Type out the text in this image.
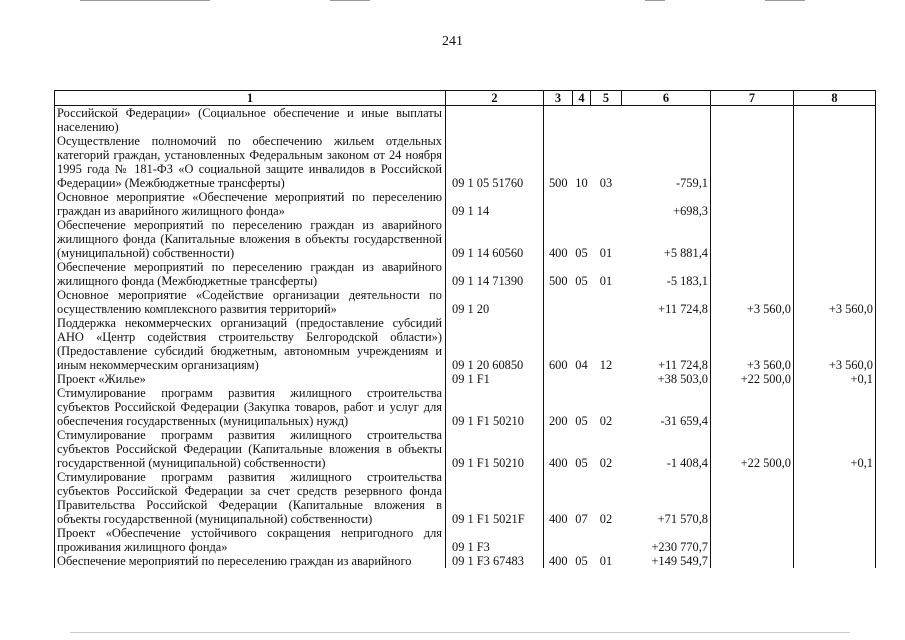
241
1	2	3	4	5	6	7	8
Российской Федерации» (Социальное обеспечение и иные выплаты населению)							
Осуществление полномочий по обеспечению жильем отдельных категорий граждан, установленных Федеральным законом от 24 ноября 1995 года № 181-ФЗ «О социальной защите инвалидов в Российской Федерации» (Межбюджетные трансферты)	09 1 05 51760	500	10	03	-759,1		
Основное мероприятие «Обеспечение мероприятий по переселению граждан из аварийного жилищного фонда»	09 1 14				+698,3		
Обеспечение мероприятий по переселению граждан из аварийного жилищного фонда (Капитальные вложения в объекты государственной (муниципальной) собственности)	09 1 14 60560	400	05	01	+5 881,4		
Обеспечение мероприятий по переселению граждан из аварийного жилищного фонда (Межбюджетные трансферты)	09 1 14 71390	500	05	01	-5 183,1		
Основное мероприятие «Содействие организации деятельности по осуществлению комплексного развития территорий»	09 1 20				+11 724,8	+3 560,0	+3 560,0
Поддержка некоммерческих организаций (предоставление субсидий АНО «Центр содействия строительству Белгородской области») (Предоставление субсидий бюджетным, автономным учреждениям и иным некоммерческим организациям)	09 1 20 60850	600	04	12	+11 724,8	+3 560,0	+3 560,0
Проект «Жилье»	09 1 F1				+38 503,0	+22 500,0	+0,1
Стимулирование программ развития жилищного строительства субъектов Российской Федерации (Закупка товаров, работ и услуг для обеспечения государственных (муниципальных) нужд)	09 1 F1 50210	200	05	02	-31 659,4		
Стимулирование программ развития жилищного строительства субъектов Российской Федерации (Капитальные вложения в объекты государственной (муниципальной) собственности)	09 1 F1 50210	400	05	02	-1 408,4	+22 500,0	+0,1
Стимулирование программ развития жилищного строительства субъектов Российской Федерации за счет средств резервного фонда Правительства Российской Федерации (Капитальные вложения в объекты государственной (муниципальной) собственности)	09 1 F1 5021F	400	07	02	+71 570,8		
Проект «Обеспечение устойчивого сокращения непригодного для проживания жилищного фонда»	09 1 F3				+230 770,7		
Обеспечение мероприятий по переселению граждан из аварийного	09 1 F3 67483	400	05	01	+149 549,7		
